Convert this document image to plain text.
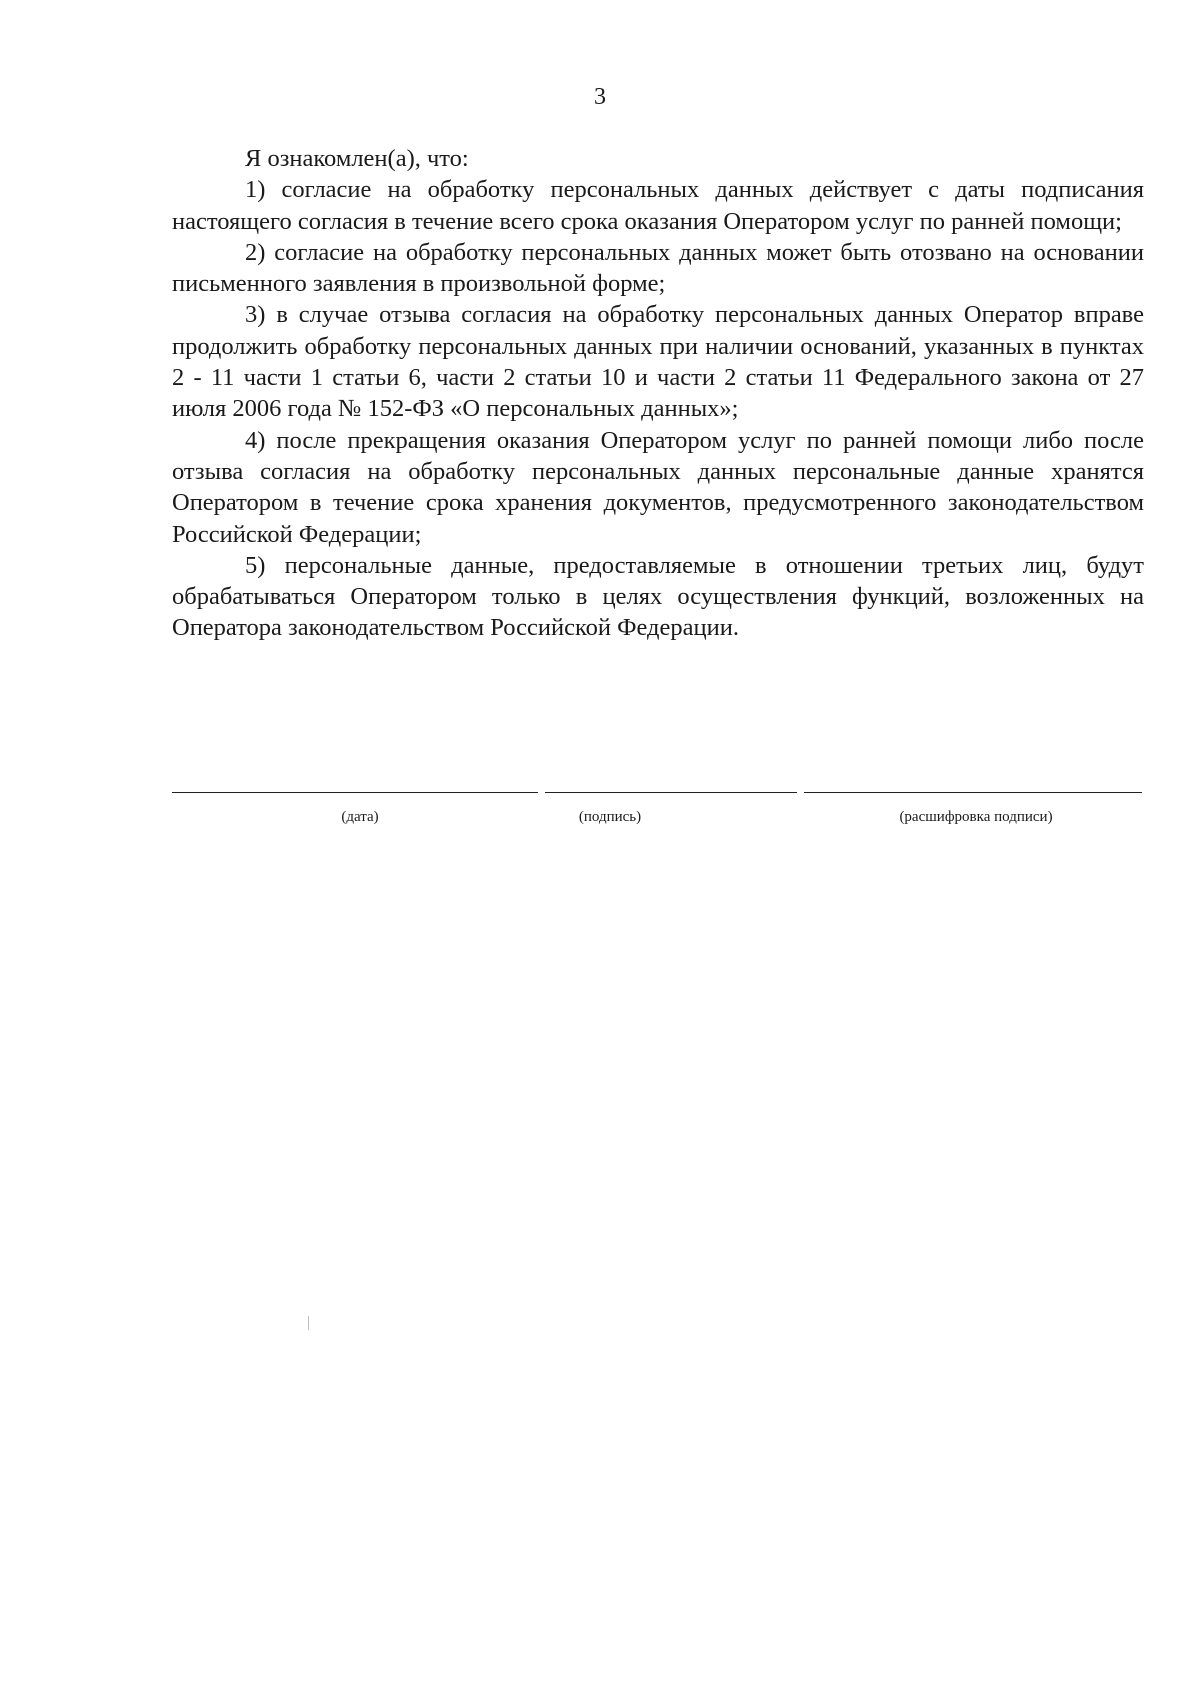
3

Я ознакомлен(а), что:

1) согласие на обработку персональных данных действует с даты подписания настоящего согласия в течение всего срока оказания Оператором услуг по ранней помощи;

2) согласие на обработку персональных данных может быть отозвано на основании письменного заявления в произвольной форме;

3) в случае отзыва согласия на обработку персональных данных Оператор вправе продолжить обработку персональных данных при наличии оснований, указанных в пунктах 2 - 11 части 1 статьи 6, части 2 статьи 10 и части 2 статьи 11 Федерального закона от 27 июля 2006 года № 152-ФЗ «О персональных данных»;

4) после прекращения оказания Оператором услуг по ранней помощи либо после отзыва согласия на обработку персональных данных персональные данные хранятся Оператором в течение срока хранения документов, предусмотренного законодательством Российской Федерации;

5) персональные данные, предоставляемые в отношении третьих лиц, будут обрабатываться Оператором только в целях осуществления функций, возложенных на Оператора законодательством Российской Федерации.

(дата)	(подпись)	(расшифровка подписи)
